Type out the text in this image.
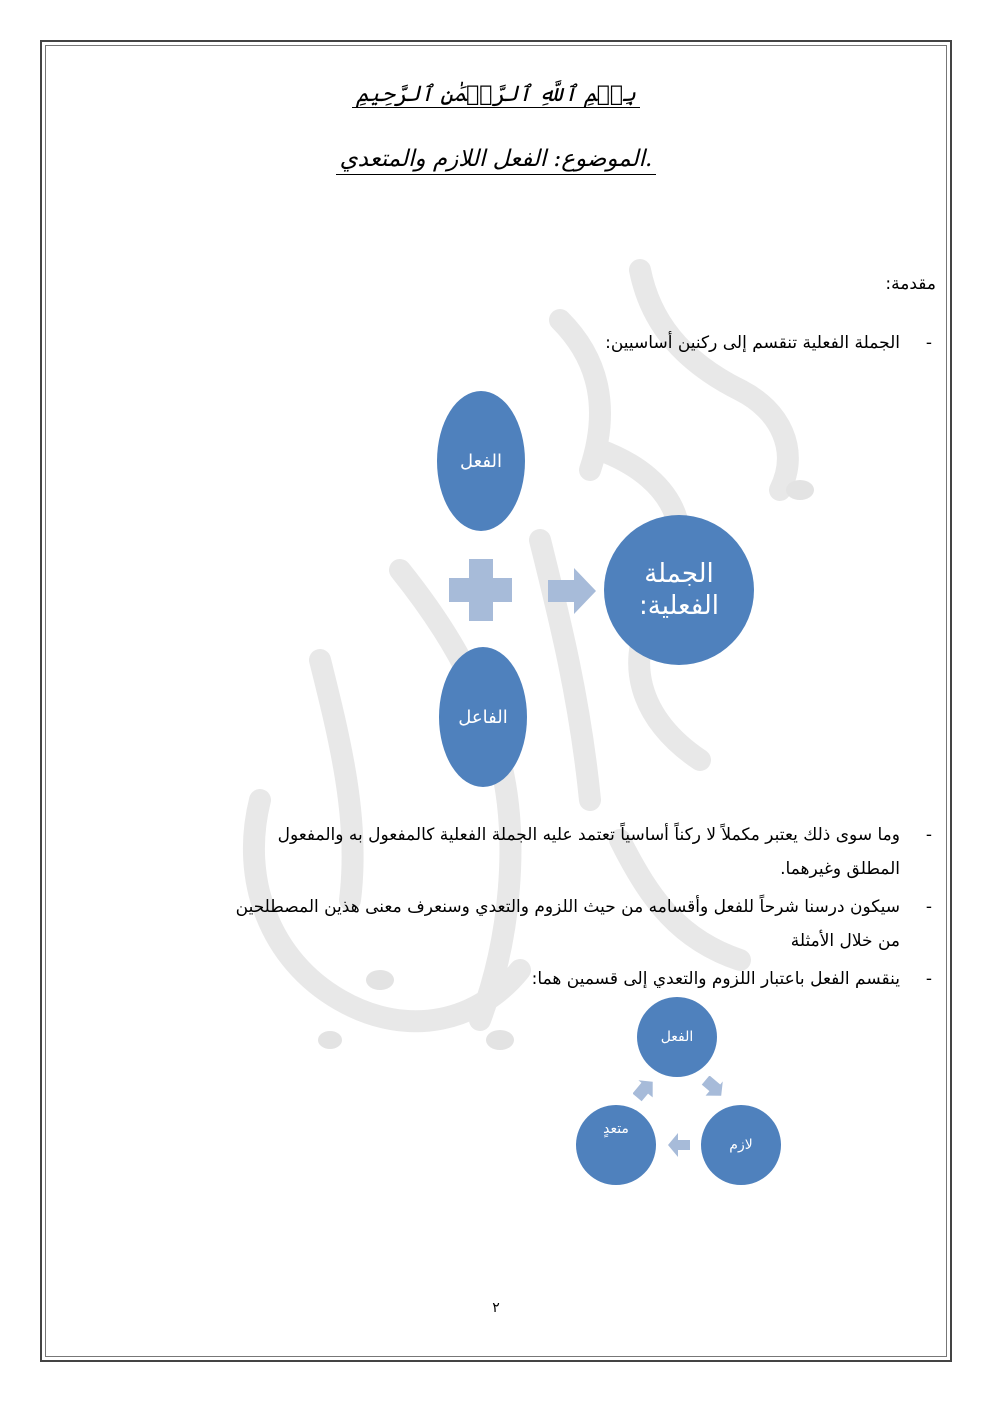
بِسۡمِ ٱللَّهِ ٱلرَّحۡمَٰنِ ٱلرَّحِيمِ
الموضوع: الفعل اللازم والمتعدي.
مقدمة:
-
الجملة الفعلية تنقسم إلى ركنين أساسيين:
الفعل
الفاعل
الجملة
الفعلية:
-
وما سوى ذلك يعتبر مكملاً لا ركناً أساسياً تعتمد عليه الجملة الفعلية كالمفعول به والمفعول
المطلق وغيرهما.
-
سيكون درسنا شرحاً للفعل وأقسامه من حيث اللزوم والتعدي وسنعرف معنى هذين المصطلحين
من خلال الأمثلة
-
ينقسم الفعل باعتبار اللزوم والتعدي إلى قسمين هما:
الفعل
لازم
متعدٍ
٢
